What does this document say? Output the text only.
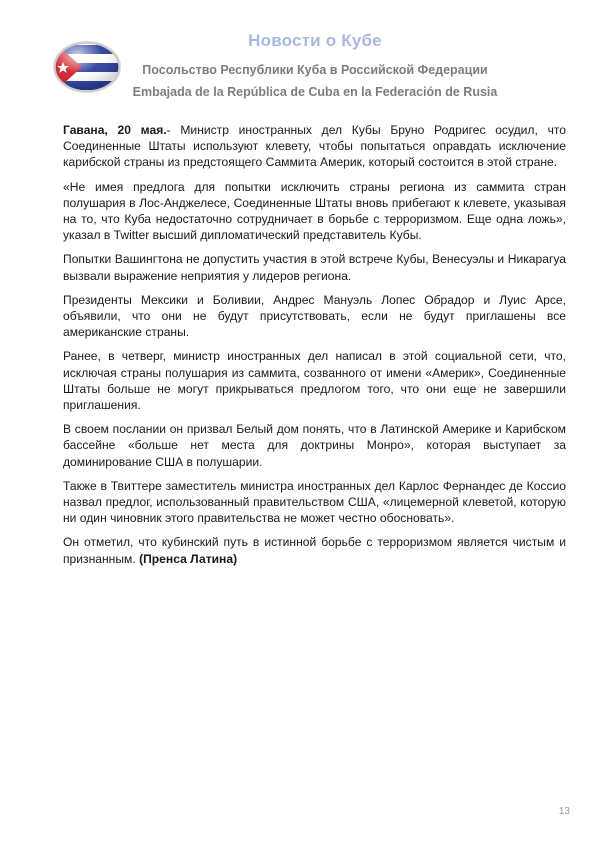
Новости о Кубе
Посольство Республики Куба в Российской Федерации
Embajada de la República de Cuba en la Federación de Rusia

Гавана, 20 мая.- Министр иностранных дел Кубы Бруно Родригес осудил, что Соединенные Штаты используют клевету, чтобы попытаться оправдать исключение карибской страны из предстоящего Саммита Америк, который состоится в этой стране.

«Не имея предлога для попытки исключить страны региона из саммита стран полушария в Лос-Анджелесе, Соединенные Штаты вновь прибегают к клевете, указывая на то, что Куба недостаточно сотрудничает в борьбе с терроризмом. Еще одна ложь», указал в Twitter высший дипломатический представитель Кубы.

Попытки Вашингтона не допустить участия в этой встрече Кубы, Венесуэлы и Никарагуа вызвали выражение неприятия у лидеров региона.

Президенты Мексики и Боливии, Андрес Мануэль Лопес Обрадор и Луис Арсе, объявили, что они не будут присутствовать, если не будут приглашены все американские страны.

Ранее, в четверг, министр иностранных дел написал в этой социальной сети, что, исключая страны полушария из саммита, созванного от имени «Америк», Соединенные Штаты больше не могут прикрываться предлогом того, что они еще не завершили приглашения.

В своем послании он призвал Белый дом понять, что в Латинской Америке и Карибском бассейне «больше нет места для доктрины Монро», которая выступает за доминирование США в полушарии.

Также в Твиттере заместитель министра иностранных дел Карлос Фернандес де Коссио назвал предлог, использованный правительством США, «лицемерной клеветой, которую ни один чиновник этого правительства не может честно обосновать».

Он отметил, что кубинский путь в истинной борьбе с терроризмом является чистым и признанным. (Пренса Латина)

13
